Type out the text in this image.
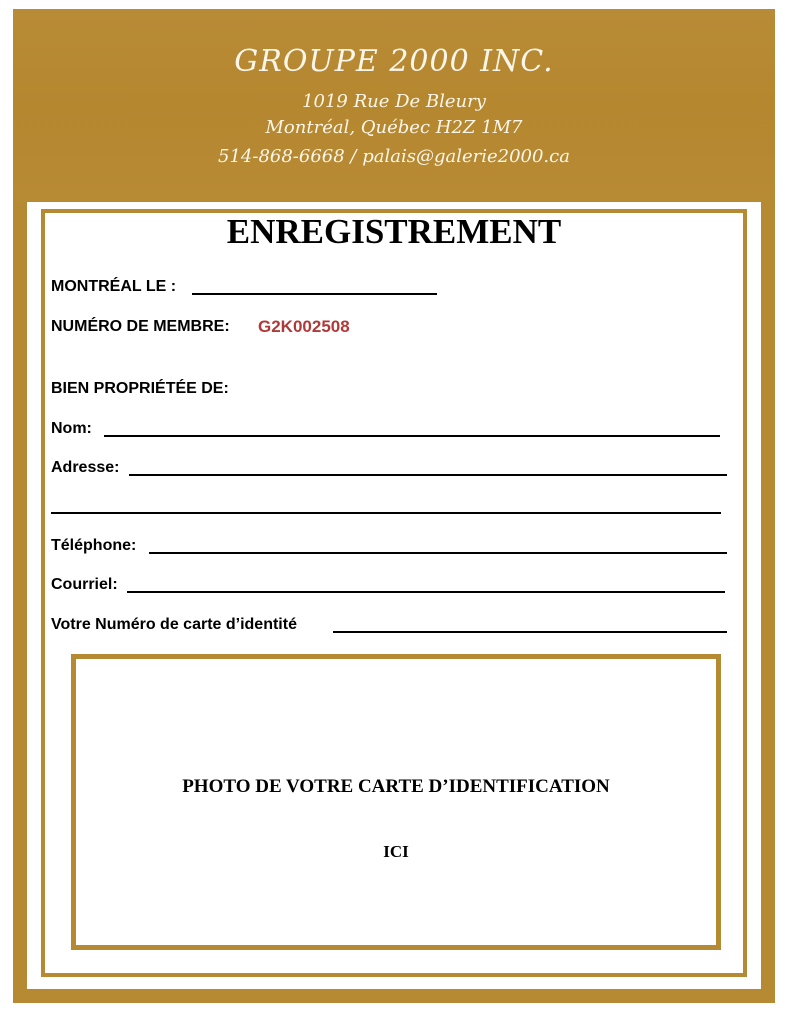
GROUPE 2000 INC.
1019 Rue De Bleury
Montréal, Québec H2Z 1M7
514-868-6668 / palais@galerie2000.ca
ENREGISTREMENT
MONTRÉAL LE :
NUMÉRO DE MEMBRE: G2K002508
BIEN PROPRIÉTÉE DE:
Nom:
Adresse:
Téléphone:
Courriel:
Votre Numéro de carte d’identité
PHOTO DE VOTRE CARTE D’IDENTIFICATION
ICI
